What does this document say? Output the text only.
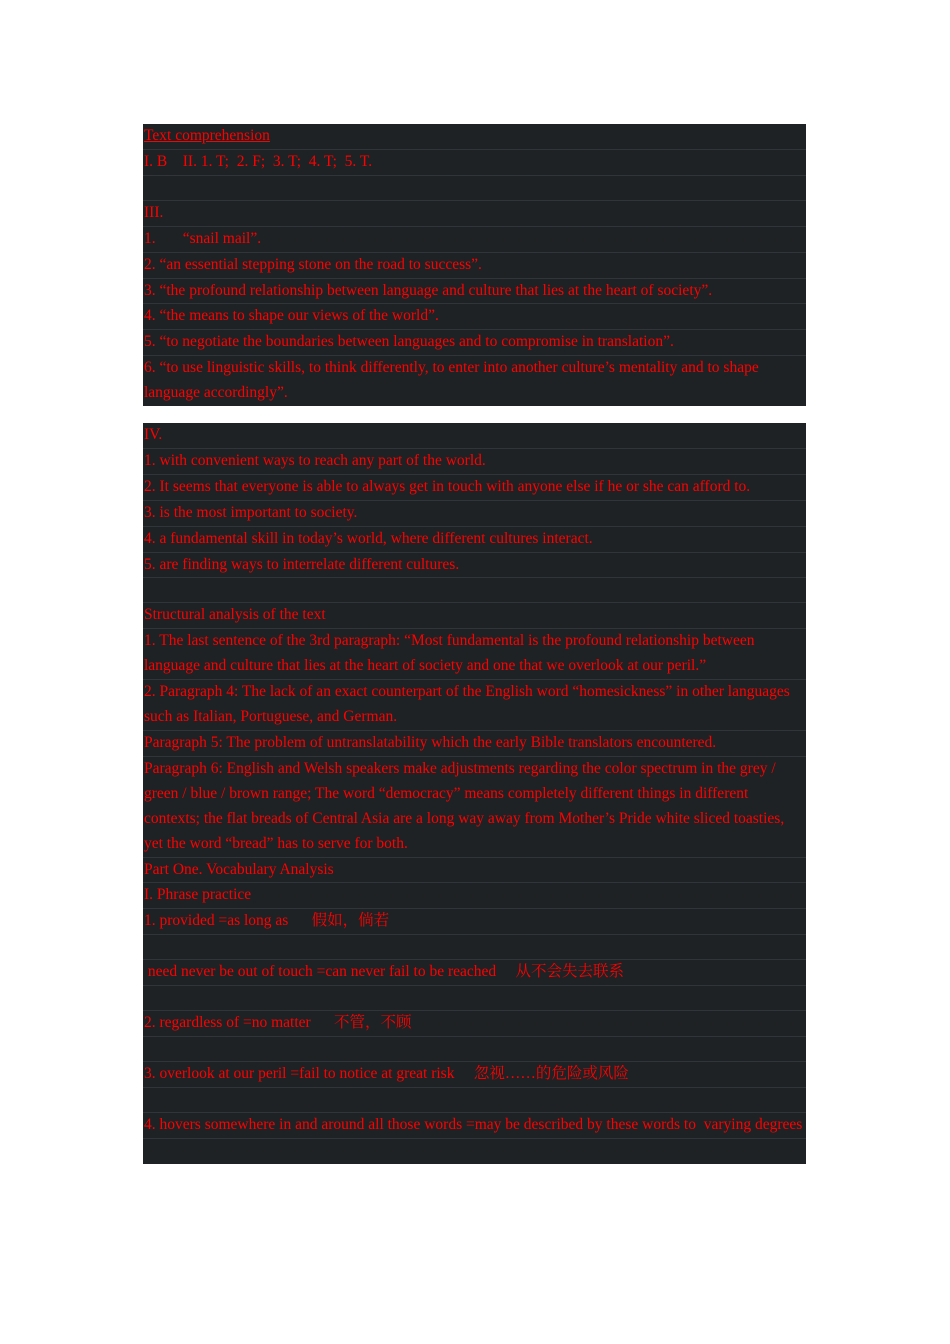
Text comprehension
I. B    II. 1. T;  2. F;  3. T;  4. T;  5. T.
III.
1.       “snail mail”.
2. “an essential stepping stone on the road to success”.
3. “the profound relationship between language and culture that lies at the heart of society”.
4. “the means to shape our views of the world”.
5. “to negotiate the boundaries between languages and to compromise in translation”.
6. “to use linguistic skills, to think differently, to enter into another culture’s mentality and to shape language accordingly”.
IV.
1. with convenient ways to reach any part of the world.
2. It seems that everyone is able to always get in touch with anyone else if he or she can afford to.
3. is the most important to society.
4. a fundamental skill in today’s world, where different cultures interact.
5. are finding ways to interrelate different cultures.
Structural analysis of the text
1. The last sentence of the 3rd paragraph: “Most fundamental is the profound relationship between language and culture that lies at the heart of society and one that we overlook at our peril.”
2. Paragraph 4: The lack of an exact counterpart of the English word “homesickness” in other languages such as Italian, Portuguese, and German.
Paragraph 5: The problem of untranslatability which the early Bible translators encountered.
Paragraph 6: English and Welsh speakers make adjustments regarding the color spectrum in the grey / green / blue / brown range; The word “democracy” means completely different things in different contexts; the flat breads of Central Asia are a long way away from Mother’s Pride white sliced toasties, yet the word “bread” has to serve for both.
Part One. Vocabulary Analysis
I. Phrase practice
1. provided =as long as      假如，倘若
need never be out of touch =can never fail to be reached     从不会失去联系
2. regardless of =no matter      不管，不顾
3. overlook at our peril =fail to notice at great risk     忽视……的危险或风险
4. hovers somewhere in and around all those words =may be described by these words to  varying degrees
